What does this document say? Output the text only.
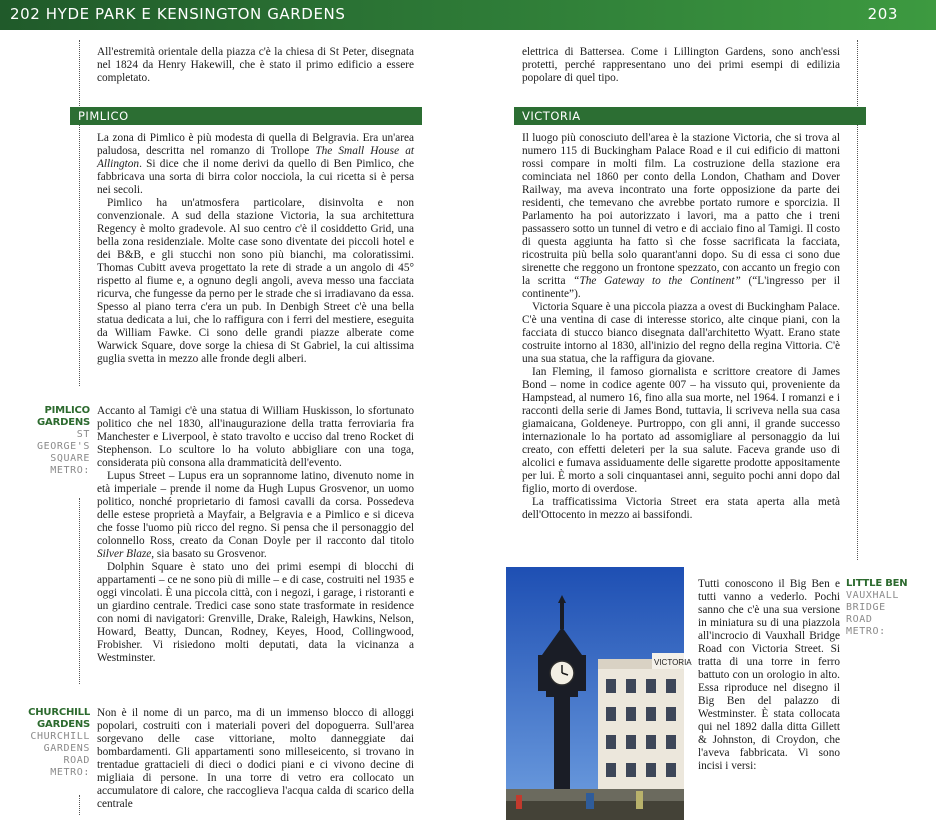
202 HYDE PARK E KENSINGTON GARDENS	203

All'estremità orientale della piazza c'è la chiesa di St Peter, disegnata nel 1824 da Henry Hakewill, che è stato il primo edificio a essere completato.

PIMLICO

La zona di Pimlico è più modesta di quella di Belgravia. Era un'area paludosa, descritta nel romanzo di Trollope The Small House at Allington. Si dice che il nome derivi da quello di Ben Pimlico, che fabbricava una sorta di birra color nocciola, la cui ricetta si è persa nei secoli.

Pimlico ha un'atmosfera particolare, disinvolta e non convenzionale. A sud della stazione Victoria, la sua architettura Regency è molto gradevole. Al suo centro c'è il cosiddetto Grid, una bella zona residenziale. Molte case sono diventate dei piccoli hotel e dei B&B, e gli stucchi non sono più bianchi, ma coloratissimi. Thomas Cubitt aveva progettato la rete di strade a un angolo di 45° rispetto al fiume e, a ognuno degli angoli, aveva messo una facciata ricurva, che fungesse da perno per le strade che si irradiavano da essa. Spesso al piano terra c'era un pub. In Denbigh Street c'è una bella statua dedicata a lui, che lo raffigura con i ferri del mestiere, eseguita da William Fawke. Ci sono delle grandi piazze alberate come Warwick Square, dove sorge la chiesa di St Gabriel, la cui altissima guglia svetta in mezzo alle fronde degli alberi.

PIMLICO
GARDENS
ST
GEORGE'S
SQUARE
METRO:

Accanto al Tamigi c'è una statua di William Huskisson, lo sfortunato politico che nel 1830, all'inaugurazione della tratta ferroviaria fra Manchester e Liverpool, è stato travolto e ucciso dal treno Rocket di Stephenson. Lo scultore lo ha voluto abbigliare con una toga, considerata più consona alla drammaticità dell'evento.

Lupus Street – Lupus era un soprannome latino, divenuto nome in età imperiale – prende il nome da Hugh Lupus Grosvenor, un uomo politico, nonché proprietario di famosi cavalli da corsa. Possedeva delle estese proprietà a Mayfair, a Belgravia e a Pimlico e si diceva che fosse l'uomo più ricco del regno. Si pensa che il personaggio del colonnello Ross, creato da Conan Doyle per il racconto dal titolo Silver Blaze, sia basato su Grosvenor.

Dolphin Square è stato uno dei primi esempi di blocchi di appartamenti – ce ne sono più di mille – e di case, costruiti nel 1935 e oggi vincolati. È una piccola città, con i negozi, i garage, i ristoranti e un giardino centrale. Tredici case sono state trasformate in residence con nomi di navigatori: Grenville, Drake, Raleigh, Hawkins, Nelson, Howard, Beatty, Duncan, Rodney, Keyes, Hood, Collingwood, Frobisher. Vi risiedono molti deputati, data la vicinanza a Westminster.

CHURCHILL
GARDENS
CHURCHILL
GARDENS
ROAD
METRO:

Non è il nome di un parco, ma di un immenso blocco di alloggi popolari, costruiti con i materiali poveri del dopoguerra. Sull'area sorgevano delle case vittoriane, molto danneggiate dai bombardamenti. Gli appartamenti sono milleseicento, si trovano in trentadue grattacieli di dieci o dodici piani e ci vivono decine di migliaia di persone. In una torre di vetro era collocato un accumulatore di calore, che raccoglieva l'acqua calda di scarico della centrale

elettrica di Battersea. Come i Lillington Gardens, sono anch'essi protetti, perché rappresentano uno dei primi esempi di edilizia popolare di quel tipo.

VICTORIA

Il luogo più conosciuto dell'area è la stazione Victoria, che si trova al numero 115 di Buckingham Palace Road e il cui edificio di mattoni rossi compare in molti film. La costruzione della stazione era cominciata nel 1860 per conto della London, Chatham and Dover Railway, ma aveva incontrato una forte opposizione da parte dei residenti, che temevano che avrebbe portato rumore e sporcizia. Il Parlamento ha poi autorizzato i lavori, ma a patto che i treni passassero sotto un tunnel di vetro e di acciaio fino al Tamigi. Il costo di questa aggiunta ha fatto sì che fosse sacrificata la facciata, ricostruita più bella solo quarant'anni dopo. Su di essa ci sono due sirenette che reggono un frontone spezzato, con accanto un fregio con la scritta “The Gateway to the Continent” (“L'ingresso per il continente”).

Victoria Square è una piccola piazza a ovest di Buckingham Palace. C'è una ventina di case di interesse storico, alte cinque piani, con la facciata di stucco bianco disegnata dall'architetto Wyatt. Erano state costruite intorno al 1830, all'inizio del regno della regina Vittoria. C'è una sua statua, che la raffigura da giovane.

Ian Fleming, il famoso giornalista e scrittore creatore di James Bond – nome in codice agente 007 – ha vissuto qui, proveniente da Hampstead, al numero 16, fino alla sua morte, nel 1964. I romanzi e i racconti della serie di James Bond, tuttavia, li scriveva nella sua casa giamaicana, Goldeneye. Purtroppo, con gli anni, il grande successo internazionale lo ha portato ad assomigliare al personaggio da lui creato, con effetti deleteri per la sua salute. Faceva grande uso di alcolici e fumava assiduamente delle sigarette prodotte appositamente per lui. È morto a soli cinquantasei anni, seguito pochi anni dopo dal figlio, morto di overdose.

La trafficatissima Victoria Street era stata aperta alla metà dell'Ottocento in mezzo ai bassifondi.

VICTORIA

Tutti conoscono il Big Ben e tutti vanno a vederlo. Pochi sanno che c'è una sua versione in miniatura su di una piazzola all'incrocio di Vauxhall Bridge Road con Victoria Street. Si tratta di una torre in ferro battuto con un orologio in alto. Essa riproduce nel disegno il Big Ben del palazzo di Westminster. È stata collocata qui nel 1892 dalla ditta Gillett & Johnston, di Croydon, che l'aveva fabbricata. Vi sono incisi i versi:

LITTLE BEN
VAUXHALL
BRIDGE
ROAD
METRO:
